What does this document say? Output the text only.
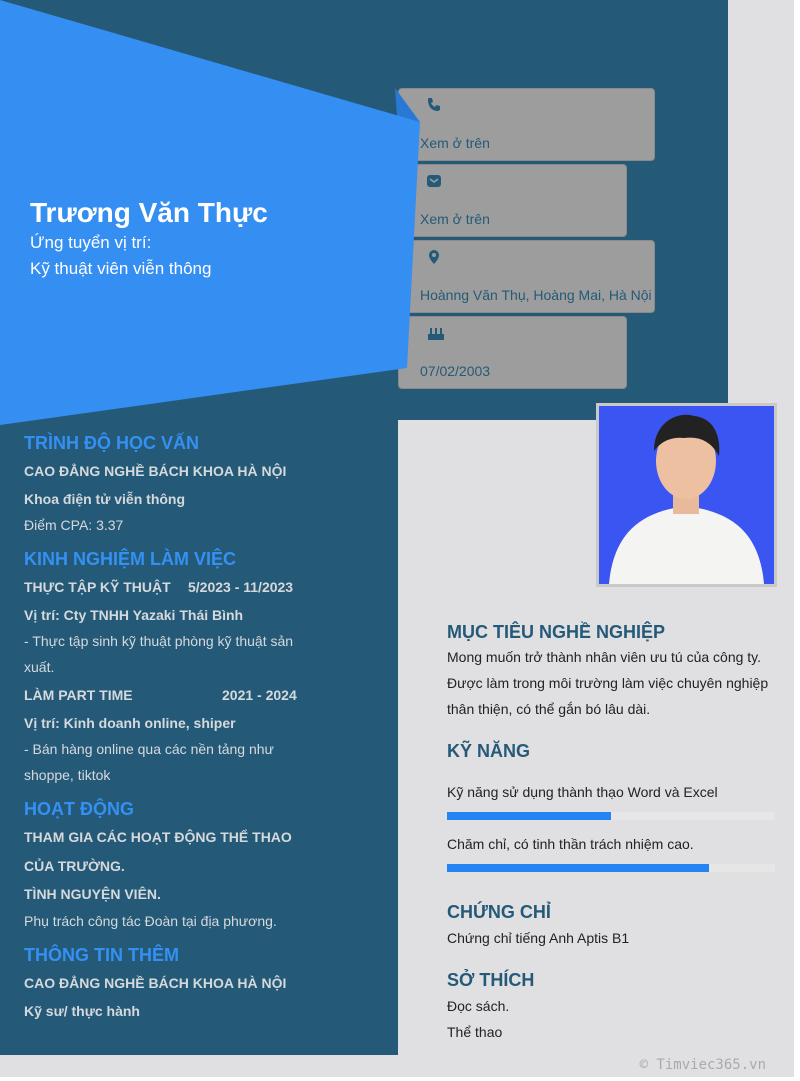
Xem ở trên
Xem ở trên
Hoànng Văn Thụ, Hoàng Mai, Hà Nội
07/02/2003
Trương Văn Thực
Ứng tuyển vị trí:
Kỹ thuật viên viễn thông
TRÌNH ĐỘ HỌC VẤN
CAO ĐẲNG NGHỀ BÁCH KHOA HÀ NỘI
Khoa điện tử viễn thông
Điểm CPA: 3.37
KINH NGHIỆM LÀM VIỆC
THỰC TẬP KỸ THUẬT 5/2023 - 11/2023
Vị trí: Cty TNHH Yazaki Thái Bình
- Thực tập sinh kỹ thuật phòng kỹ thuật sản
xuất.
LÀM PART TIME	2021 - 2024
Vị trí: Kinh doanh online, shiper
- Bán hàng online qua các nền tảng như
shoppe, tiktok
HOẠT ĐỘNG
THAM GIA CÁC HOẠT ĐỘNG THỂ THAO
CỦA TRƯỜNG.
TÌNH NGUYỆN VIÊN.
Phụ trách công tác Đoàn tại địa phương.
THÔNG TIN THÊM
CAO ĐẲNG NGHỀ BÁCH KHOA HÀ NỘI
Kỹ sư/ thực hành
MỤC TIÊU NGHỀ NGHIỆP
Mong muốn trở thành nhân viên ưu tú của công ty.
Được làm trong môi trường làm việc chuyên nghiệp
thân thiện, có thể gắn bó lâu dài.
KỸ NĂNG
Kỹ năng sử dụng thành thạo Word và Excel
Chăm chỉ, có tinh thần trách nhiệm cao.
CHỨNG CHỈ
Chứng chỉ tiếng Anh Aptis B1
SỞ THÍCH
Đọc sách.
Thể thao
© Timviec365.vn
